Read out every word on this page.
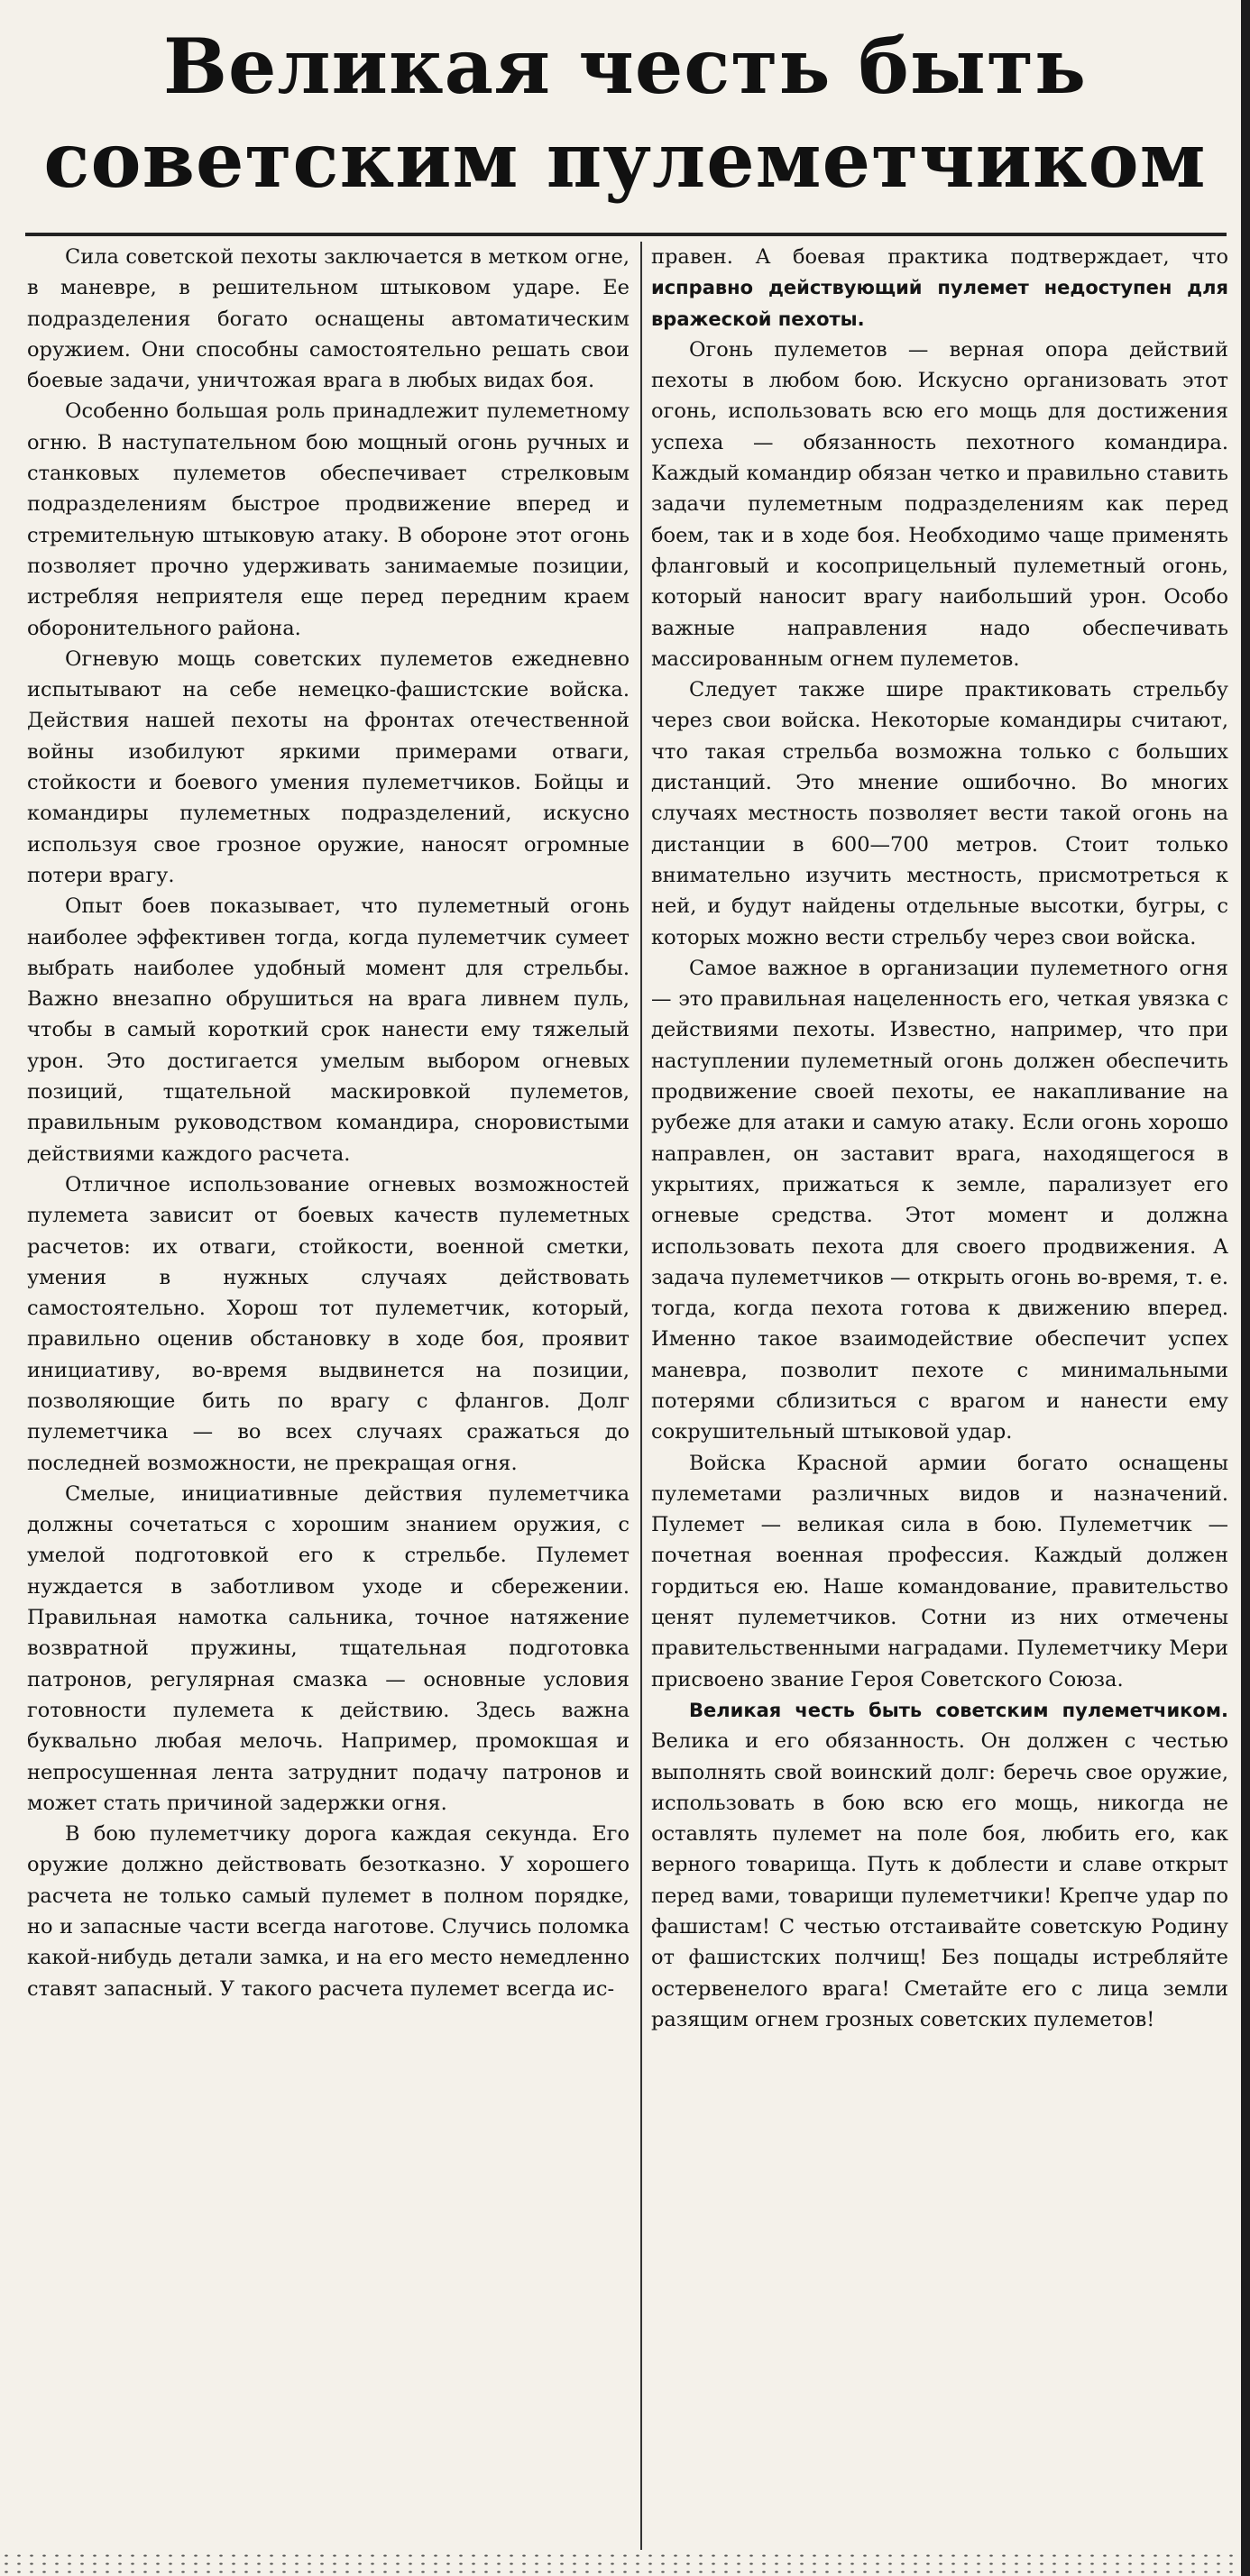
Великая честь быть
советским пулеметчиком

Сила советской пехоты заключается в метком огне, в маневре, в решительном штыковом ударе. Ее подразделения богато оснащены автоматическим оружием. Они способны самостоятельно решать свои боевые задачи, уничтожая врага в любых видах боя.

Особенно большая роль принадлежит пулеметному огню. В наступательном бою мощный огонь ручных и станковых пулеметов обеспечивает стрелковым подразделениям быстрое продвижение вперед и стремительную штыковую атаку. В обороне этот огонь позволяет прочно удерживать занимаемые позиции, истребляя неприятеля еще перед передним краем оборонительного района.

Огневую мощь советских пулеметов ежедневно испытывают на себе немецко-фашистские войска. Действия нашей пехоты на фронтах отечественной войны изобилуют яркими примерами отваги, стойкости и боевого умения пулеметчиков. Бойцы и командиры пулеметных подразделений, искусно используя свое грозное оружие, наносят огромные потери врагу.

Опыт боев показывает, что пулеметный огонь наиболее эффективен тогда, когда пулеметчик сумеет выбрать наиболее удобный момент для стрельбы. Важно внезапно обрушиться на врага ливнем пуль, чтобы в самый короткий срок нанести ему тяжелый урон. Это достигается умелым выбором огневых позиций, тщательной маскировкой пулеметов, правильным руководством командира, сноровистыми действиями каждого расчета.

Отличное использование огневых возможностей пулемета зависит от боевых качеств пулеметных расчетов: их отваги, стойкости, военной сметки, умения в нужных случаях действовать самостоятельно. Хорош тот пулеметчик, который, правильно оценив обстановку в ходе боя, проявит инициативу, во-время выдвинется на позиции, позволяющие бить по врагу с флангов. Долг пулеметчика — во всех случаях сражаться до последней возможности, не прекращая огня.

Смелые, инициативные действия пулеметчика должны сочетаться с хорошим знанием оружия, с умелой подготовкой его к стрельбе. Пулемет нуждается в заботливом уходе и сбережении. Правильная намотка сальника, точное натяжение возвратной пружины, тщательная подготовка патронов, регулярная смазка — основные условия готовности пулемета к действию. Здесь важна буквально любая мелочь. Например, промокшая и непросушенная лента затруднит подачу патронов и может стать причиной задержки огня.

В бою пулеметчику дорога каждая секунда. Его оружие должно действовать безотказно. У хорошего расчета не только самый пулемет в полном порядке, но и запасные части всегда наготове. Случись поломка какой-нибудь детали замка, и на его место немедленно ставят запасный. У такого расчета пулемет всегда ис-

правен. А боевая практика подтверждает, что исправно действующий пулемет недоступен для вражеской пехоты.

Огонь пулеметов — верная опора действий пехоты в любом бою. Искусно организовать этот огонь, использовать всю его мощь для достижения успеха — обязанность пехотного командира. Каждый командир обязан четко и правильно ставить задачи пулеметным подразделениям как перед боем, так и в ходе боя. Необходимо чаще применять фланговый и косоприцельный пулеметный огонь, который наносит врагу наибольший урон. Особо важные направления надо обеспечивать массированным огнем пулеметов.

Следует также шире практиковать стрельбу через свои войска. Некоторые командиры считают, что такая стрельба возможна только с больших дистанций. Это мнение ошибочно. Во многих случаях местность позволяет вести такой огонь на дистанции в 600—700 метров. Стоит только внимательно изучить местность, присмотреться к ней, и будут найдены отдельные высотки, бугры, с которых можно вести стрельбу через свои войска.

Самое важное в организации пулеметного огня — это правильная нацеленность его, четкая увязка с действиями пехоты. Известно, например, что при наступлении пулеметный огонь должен обеспечить продвижение своей пехоты, ее накапливание на рубеже для атаки и самую атаку. Если огонь хорошо направлен, он заставит врага, находящегося в укрытиях, прижаться к земле, парализует его огневые средства. Этот момент и должна использовать пехота для своего продвижения. А задача пулеметчиков — открыть огонь во-время, т. е. тогда, когда пехота готова к движению вперед. Именно такое взаимодействие обеспечит успех маневра, позволит пехоте с минимальными потерями сблизиться с врагом и нанести ему сокрушительный штыковой удар.

Войска Красной армии богато оснащены пулеметами различных видов и назначений. Пулемет — великая сила в бою. Пулеметчик — почетная военная профессия. Каждый должен гордиться ею. Наше командование, правительство ценят пулеметчиков. Сотни из них отмечены правительственными наградами. Пулеметчику Мери присвоено звание Героя Советского Союза.

Великая честь быть советским пулеметчиком. Велика и его обязанность. Он должен с честью выполнять свой воинский долг: беречь свое оружие, использовать в бою всю его мощь, никогда не оставлять пулемет на поле боя, любить его, как верного товарища. Путь к доблести и славе открыт перед вами, товарищи пулеметчики! Крепче удар по фашистам! С честью отстаивайте советскую Родину от фашистских полчищ! Без пощады истребляйте остервенелого врага! Сметайте его с лица земли разящим огнем грозных советских пулеметов!
